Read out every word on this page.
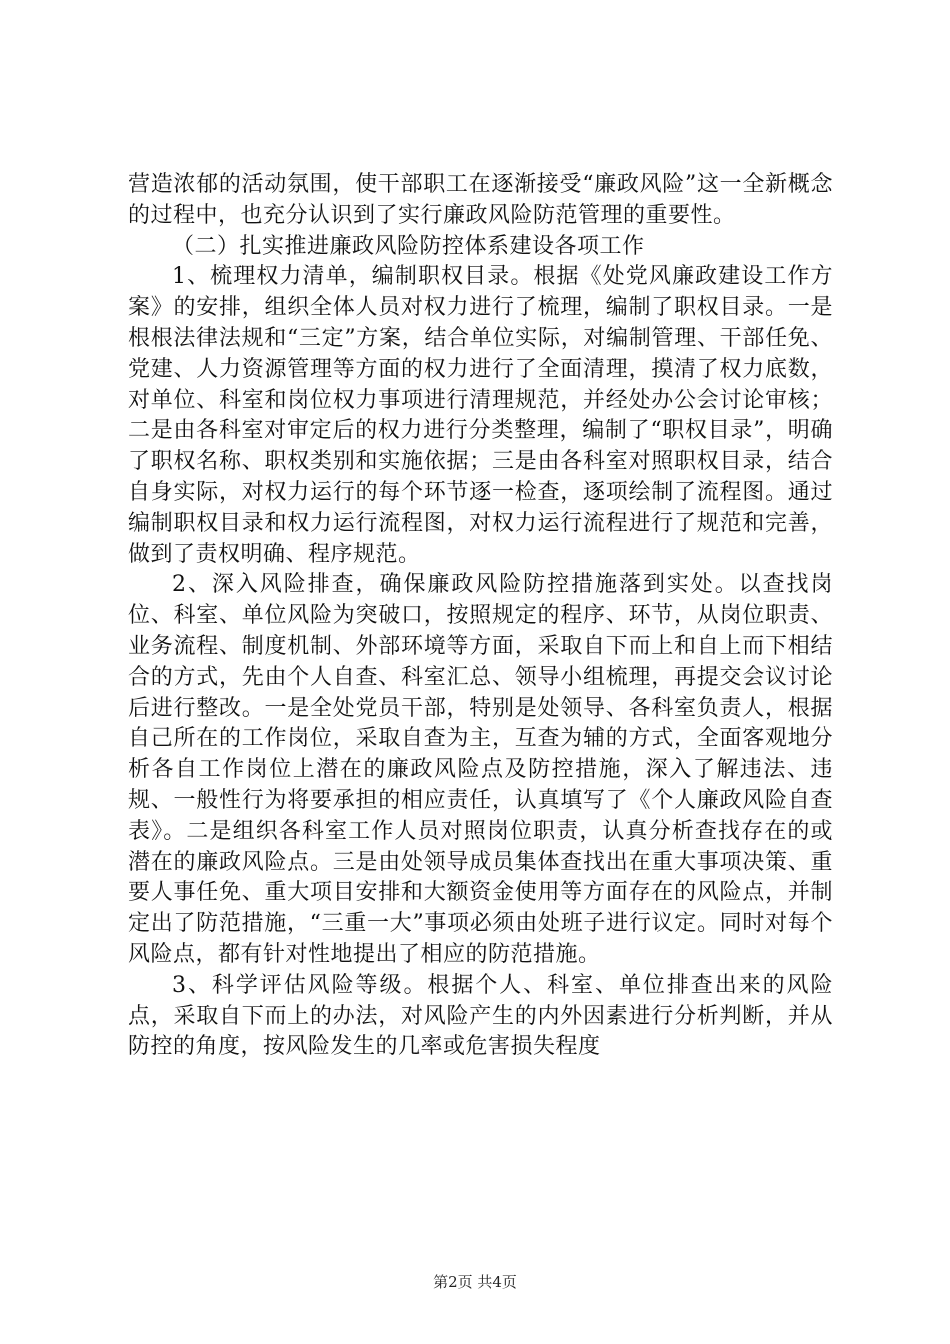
营造浓郁的活动氛围，使干部职工在逐渐接受“廉政风险”这一全新概念的过程中，也充分认识到了实行廉政风险防范管理的重要性。

（二）扎实推进廉政风险防控体系建设各项工作

1、梳理权力清单，编制职权目录。根据《处党风廉政建设工作方案》的安排，组织全体人员对权力进行了梳理，编制了职权目录。一是根根法律法规和“三定”方案，结合单位实际，对编制管理、干部任免、党建、人力资源管理等方面的权力进行了全面清理，摸清了权力底数，对单位、科室和岗位权力事项进行清理规范，并经处办公会讨论审核；二是由各科室对审定后的权力进行分类整理，编制了“职权目录”，明确了职权名称、职权类别和实施依据；三是由各科室对照职权目录，结合自身实际，对权力运行的每个环节逐一检查，逐项绘制了流程图。通过编制职权目录和权力运行流程图，对权力运行流程进行了规范和完善，做到了责权明确、程序规范。

2、深入风险排查，确保廉政风险防控措施落到实处。以查找岗位、科室、单位风险为突破口，按照规定的程序、环节，从岗位职责、业务流程、制度机制、外部环境等方面，采取自下而上和自上而下相结合的方式，先由个人自查、科室汇总、领导小组梳理，再提交会议讨论后进行整改。一是全处党员干部，特别是处领导、各科室负责人，根据自己所在的工作岗位，采取自查为主，互查为辅的方式，全面客观地分析各自工作岗位上潜在的廉政风险点及防控措施，深入了解违法、违规、一般性行为将要承担的相应责任，认真填写了《个人廉政风险自查表》。二是组织各科室工作人员对照岗位职责，认真分析查找存在的或潜在的廉政风险点。三是由处领导成员集体查找出在重大事项决策、重要人事任免、重大项目安排和大额资金使用等方面存在的风险点，并制定出了防范措施，“三重一大”事项必须由处班子进行议定。同时对每个风险点，都有针对性地提出了相应的防范措施。

3、科学评估风险等级。根据个人、科室、单位排查出来的风险点，采取自下而上的办法，对风险产生的内外因素进行分析判断，并从防控的角度，按风险发生的几率或危害损失程度

第2页 共4页
